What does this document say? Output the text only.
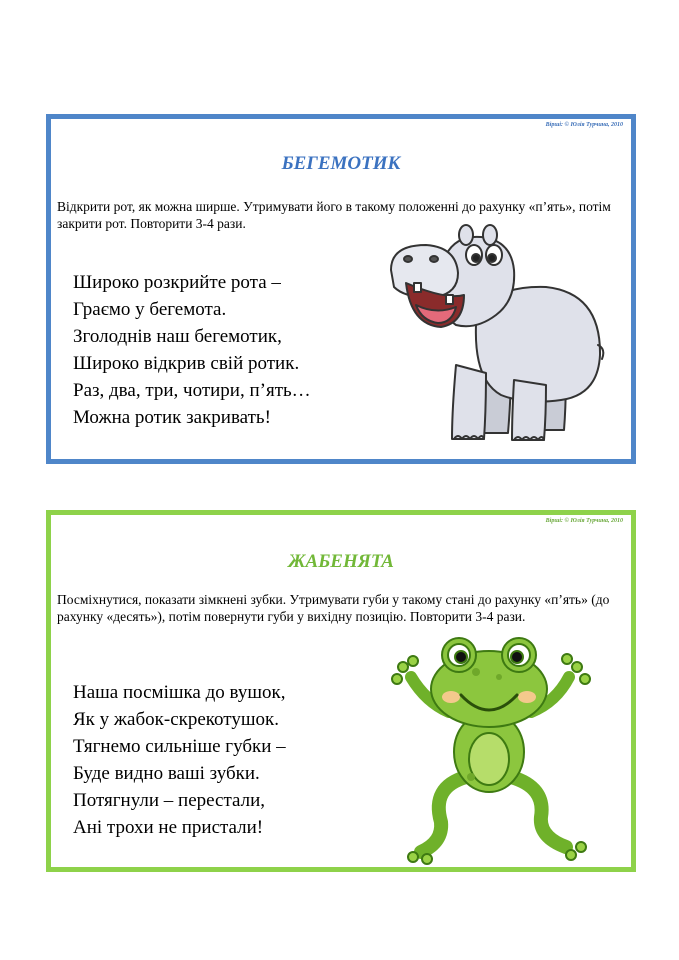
Вірші: © Юлія Турчина, 2010
БЕГЕМОТИК
Відкрити рот, як можна ширше. Утримувати його в такому положенні до рахунку «п’ять», потім закрити рот. Повторити 3-4 рази.
Широко розкрийте рота –
Граємо у бегемота.
Зголоднів наш бегемотик,
Широко відкрив свій ротик.
Раз, два, три, чотири, п’ять…
Можна ротик закривать!
Вірші: © Юлія Турчина, 2010
ЖАБЕНЯТА
Посміхнутися, показати зімкнені зубки. Утримувати губи у такому стані до рахунку «п’ять» (до рахунку «десять»), потім повернути губи у вихідну позицію. Повторити 3-4 рази.
Наша посмішка до вушок,
Як у жабок-скрекотушок.
Тягнемо сильніше губки –
Буде видно ваші зубки.
Потягнули – перестали,
Ані трохи не пристали!
